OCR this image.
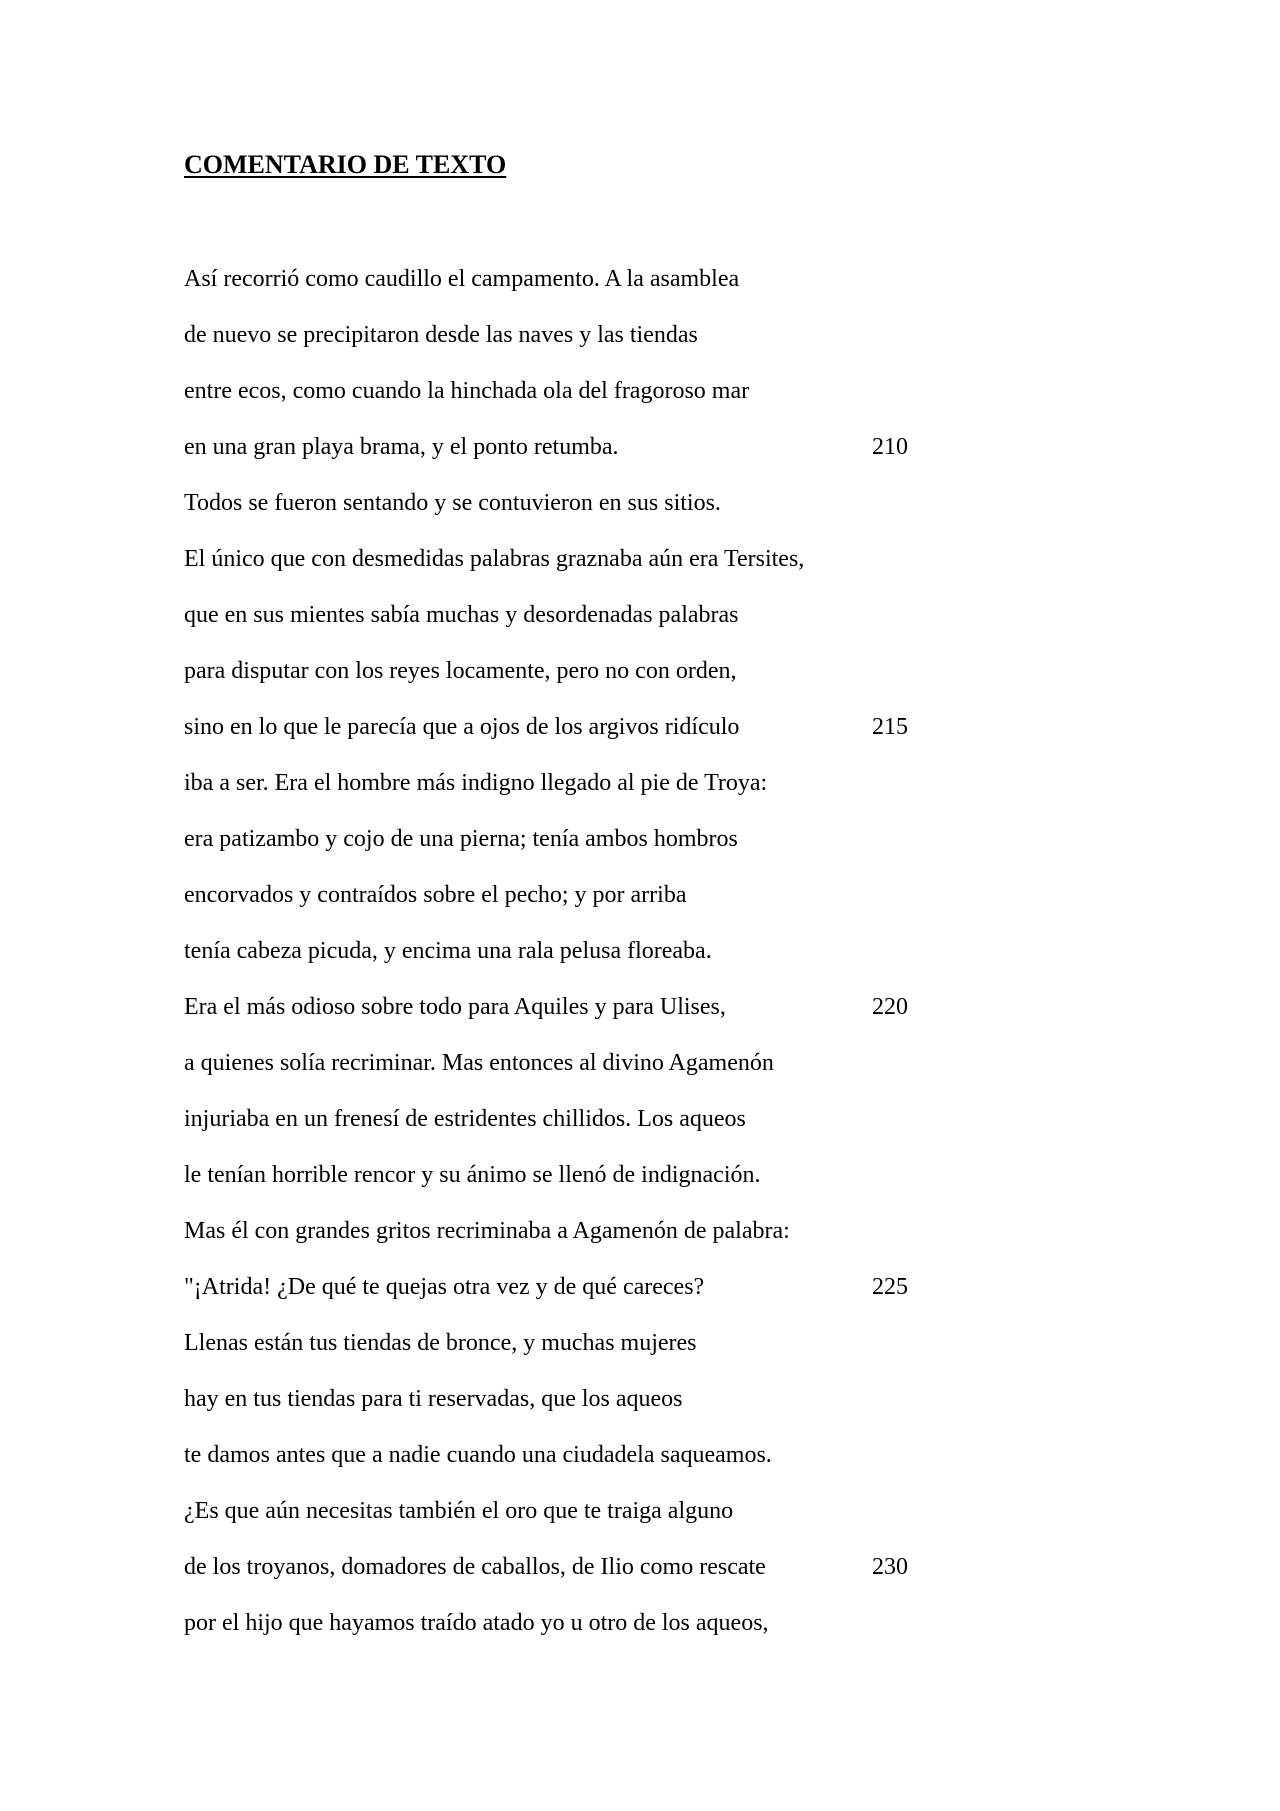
COMENTARIO DE TEXTO
Así recorrió como caudillo el campamento. A la asamblea
de nuevo se precipitaron desde las naves y las tiendas
entre ecos, como cuando la hinchada ola del fragoroso mar
en una gran playa brama, y el ponto retumba.	210
Todos se fueron sentando y se contuvieron en sus sitios.
El único que con desmedidas palabras graznaba aún era Tersites,
que en sus mientes sabía muchas y desordenadas palabras
para disputar con los reyes locamente, pero no con orden,
sino en lo que le parecía que a ojos de los argivos ridículo	215
iba a ser. Era el hombre más indigno llegado al pie de Troya:
era patizambo y cojo de una pierna; tenía ambos hombros
encorvados y contraídos sobre el pecho; y por arriba
tenía cabeza picuda, y encima una rala pelusa floreaba.
Era el más odioso sobre todo para Aquiles y para Ulises,	220
a quienes solía recriminar. Mas entonces al divino Agamenón
injuriaba en un frenesí de estridentes chillidos. Los aqueos
le tenían horrible rencor y su ánimo se llenó de indignación.
Mas él con grandes gritos recriminaba a Agamenón de palabra:
"¡Atrida! ¿De qué te quejas otra vez y de qué careces?	225
Llenas están tus tiendas de bronce, y muchas mujeres
hay en tus tiendas para ti reservadas, que los aqueos
te damos antes que a nadie cuando una ciudadela saqueamos.
¿Es que aún necesitas también el oro que te traiga alguno
de los troyanos, domadores de caballos, de Ilio como rescate	230
por el hijo que hayamos traído atado yo u otro de los aqueos,
